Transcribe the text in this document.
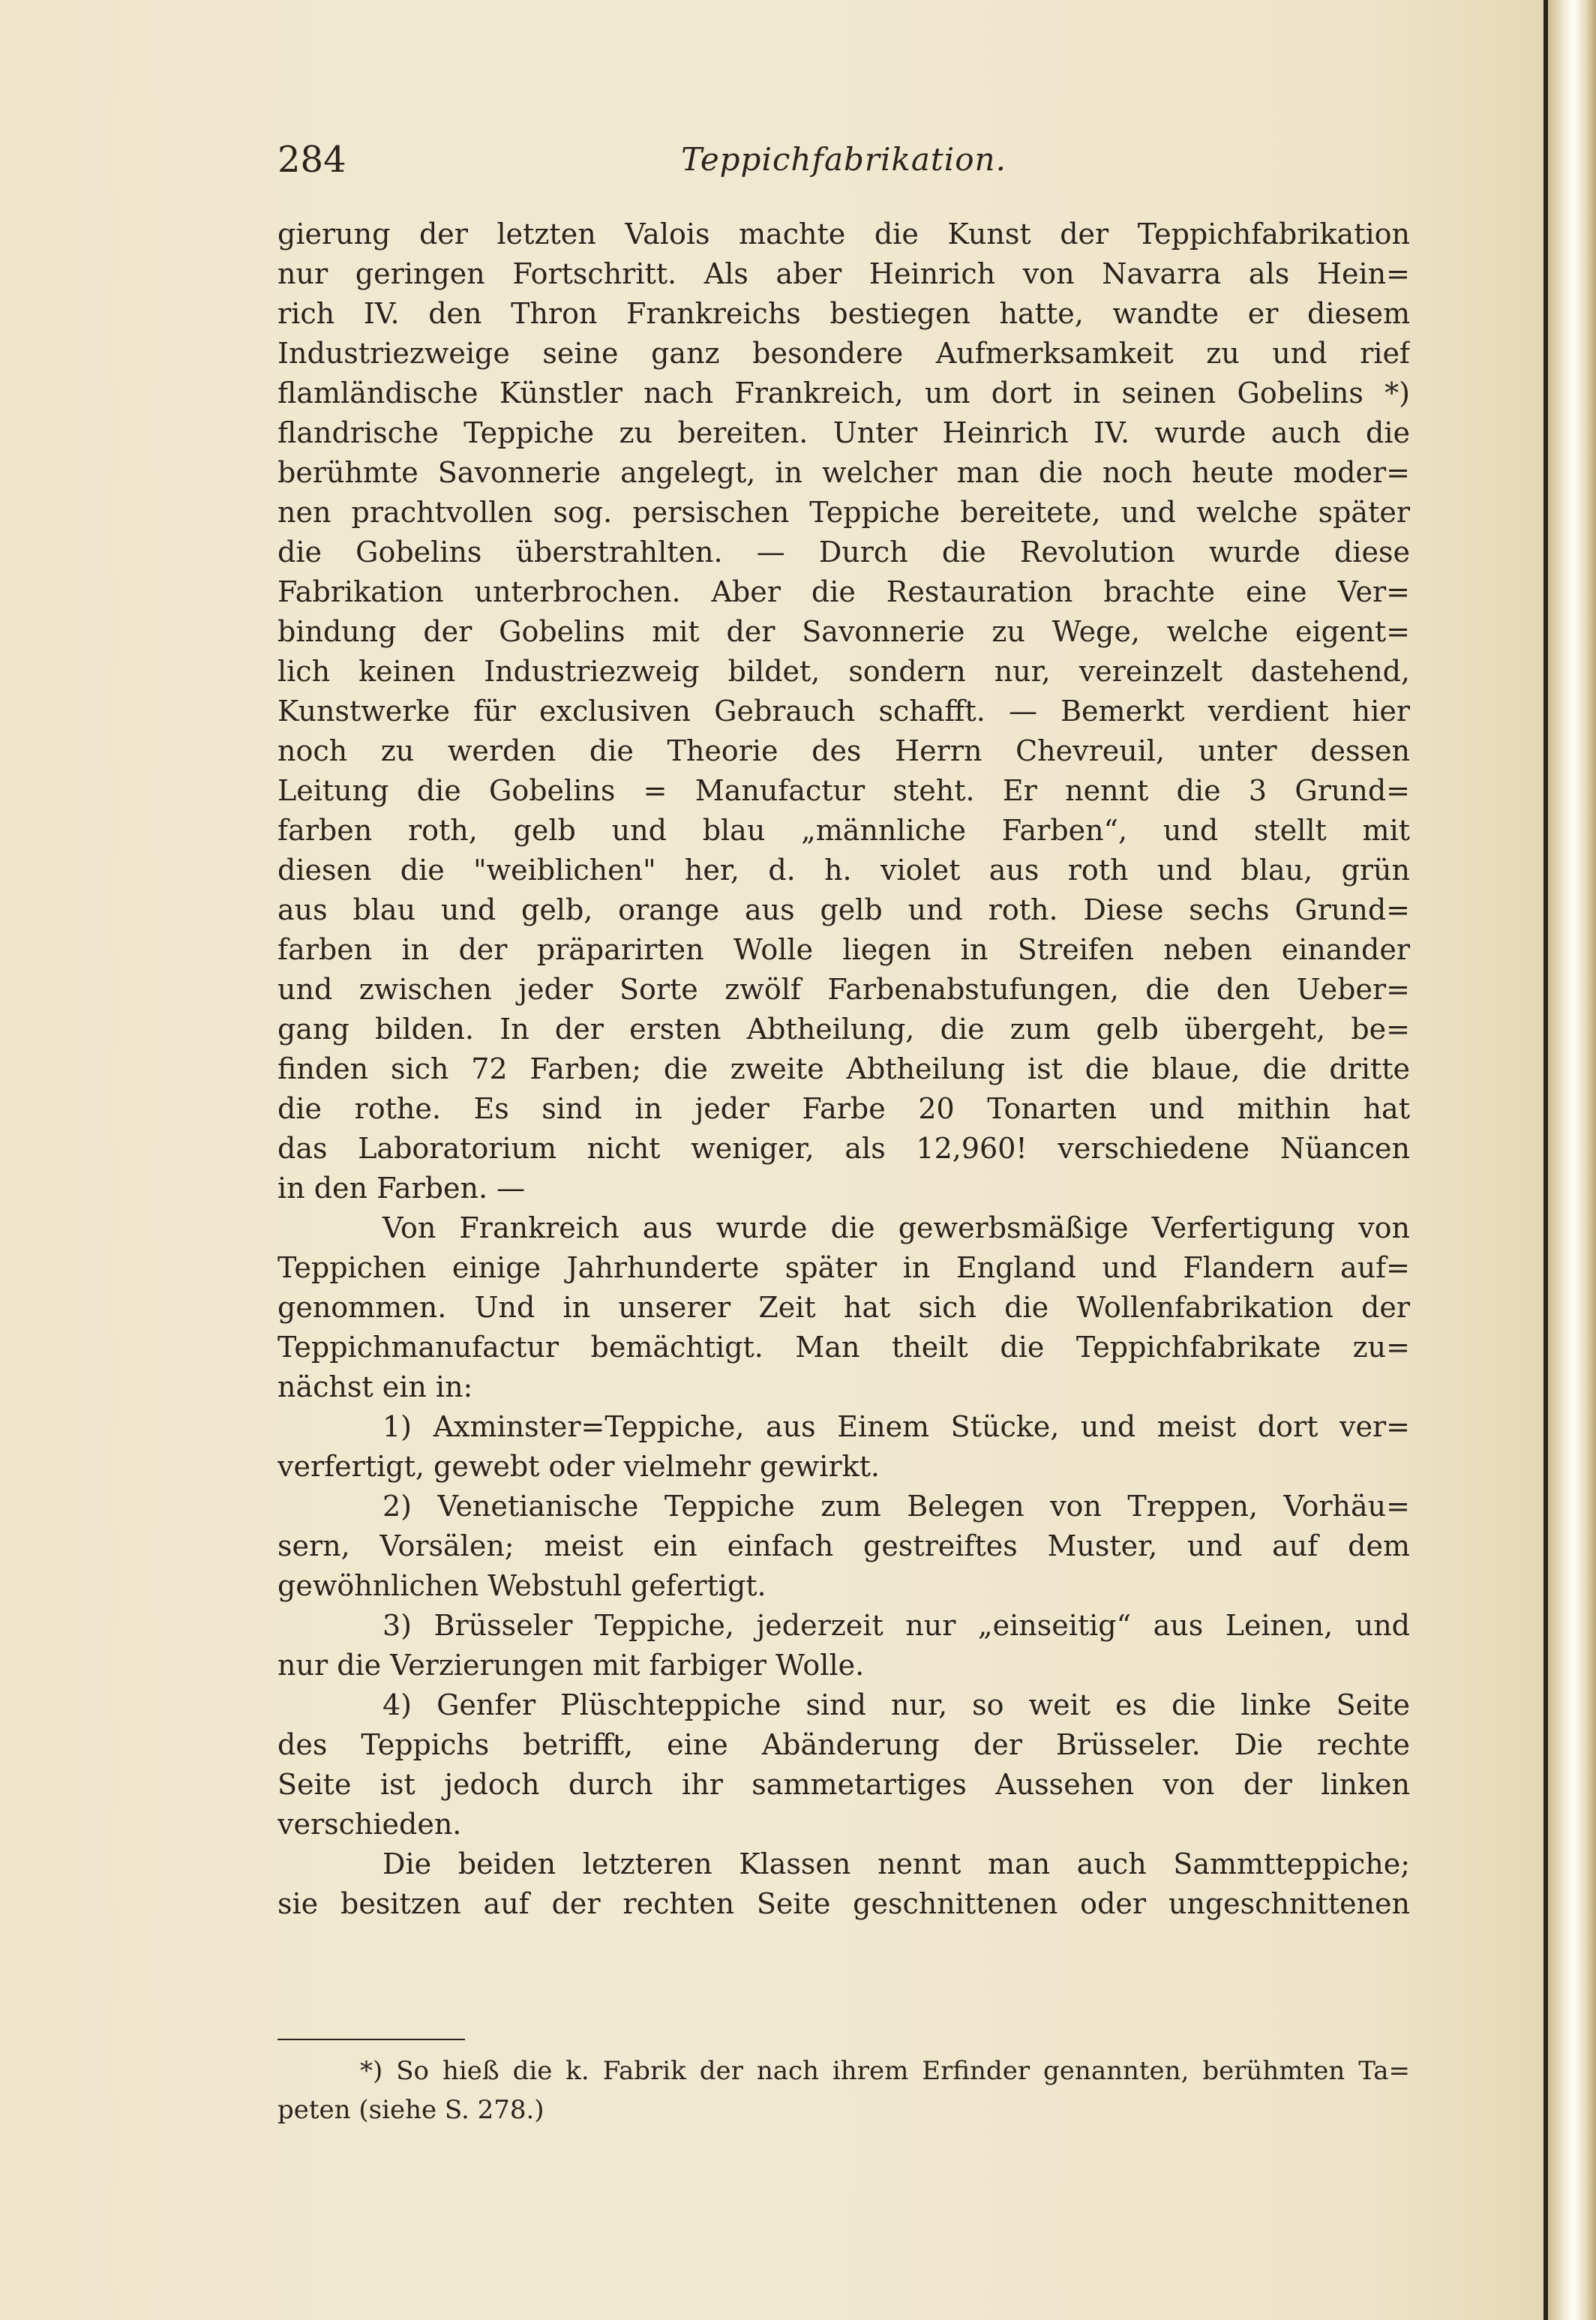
284	Teppichfabrikation.
gierung der letzten Valois machte die Kunst der Teppichfabrikation
nur geringen Fortschritt. Als aber Heinrich von Navarra als Hein=
rich IV. den Thron Frankreichs bestiegen hatte, wandte er diesem
Industriezweige seine ganz besondere Aufmerksamkeit zu und rief
flamländische Künstler nach Frankreich, um dort in seinen Gobelins *)
flandrische Teppiche zu bereiten. Unter Heinrich IV. wurde auch die
berühmte Savonnerie angelegt, in welcher man die noch heute moder=
nen prachtvollen sog. persischen Teppiche bereitete, und welche später
die Gobelins überstrahlten. — Durch die Revolution wurde diese
Fabrikation unterbrochen. Aber die Restauration brachte eine Ver=
bindung der Gobelins mit der Savonnerie zu Wege, welche eigent=
lich keinen Industriezweig bildet, sondern nur, vereinzelt dastehend,
Kunstwerke für exclusiven Gebrauch schafft. — Bemerkt verdient hier
noch zu werden die Theorie des Herrn Chevreuil, unter dessen
Leitung die Gobelins = Manufactur steht. Er nennt die 3 Grund=
farben roth, gelb und blau „männliche Farben“, und stellt mit
diesen die "weiblichen" her, d. h. violet aus roth und blau, grün
aus blau und gelb, orange aus gelb und roth. Diese sechs Grund=
farben in der präparirten Wolle liegen in Streifen neben einander
und zwischen jeder Sorte zwölf Farbenabstufungen, die den Ueber=
gang bilden. In der ersten Abtheilung, die zum gelb übergeht, be=
finden sich 72 Farben; die zweite Abtheilung ist die blaue, die dritte
die rothe. Es sind in jeder Farbe 20 Tonarten und mithin hat
das Laboratorium nicht weniger, als 12,960! verschiedene Nüancen
in den Farben. —
Von Frankreich aus wurde die gewerbsmäßige Verfertigung von
Teppichen einige Jahrhunderte später in England und Flandern auf=
genommen. Und in unserer Zeit hat sich die Wollenfabrikation der
Teppichmanufactur bemächtigt. Man theilt die Teppichfabrikate zu=
nächst ein in:
1) Axminster=Teppiche, aus Einem Stücke, und meist dort ver=
verfertigt, gewebt oder vielmehr gewirkt.
2) Venetianische Teppiche zum Belegen von Treppen, Vorhäu=
sern, Vorsälen; meist ein einfach gestreiftes Muster, und auf dem
gewöhnlichen Webstuhl gefertigt.
3) Brüsseler Teppiche, jederzeit nur „einseitig“ aus Leinen, und
nur die Verzierungen mit farbiger Wolle.
4) Genfer Plüschteppiche sind nur, so weit es die linke Seite
des Teppichs betrifft, eine Abänderung der Brüsseler. Die rechte
Seite ist jedoch durch ihr sammetartiges Aussehen von der linken
verschieden.
Die beiden letzteren Klassen nennt man auch Sammtteppiche;
sie besitzen auf der rechten Seite geschnittenen oder ungeschnittenen
*) So hieß die k. Fabrik der nach ihrem Erfinder genannten, berühmten Ta=
peten (siehe S. 278.)
